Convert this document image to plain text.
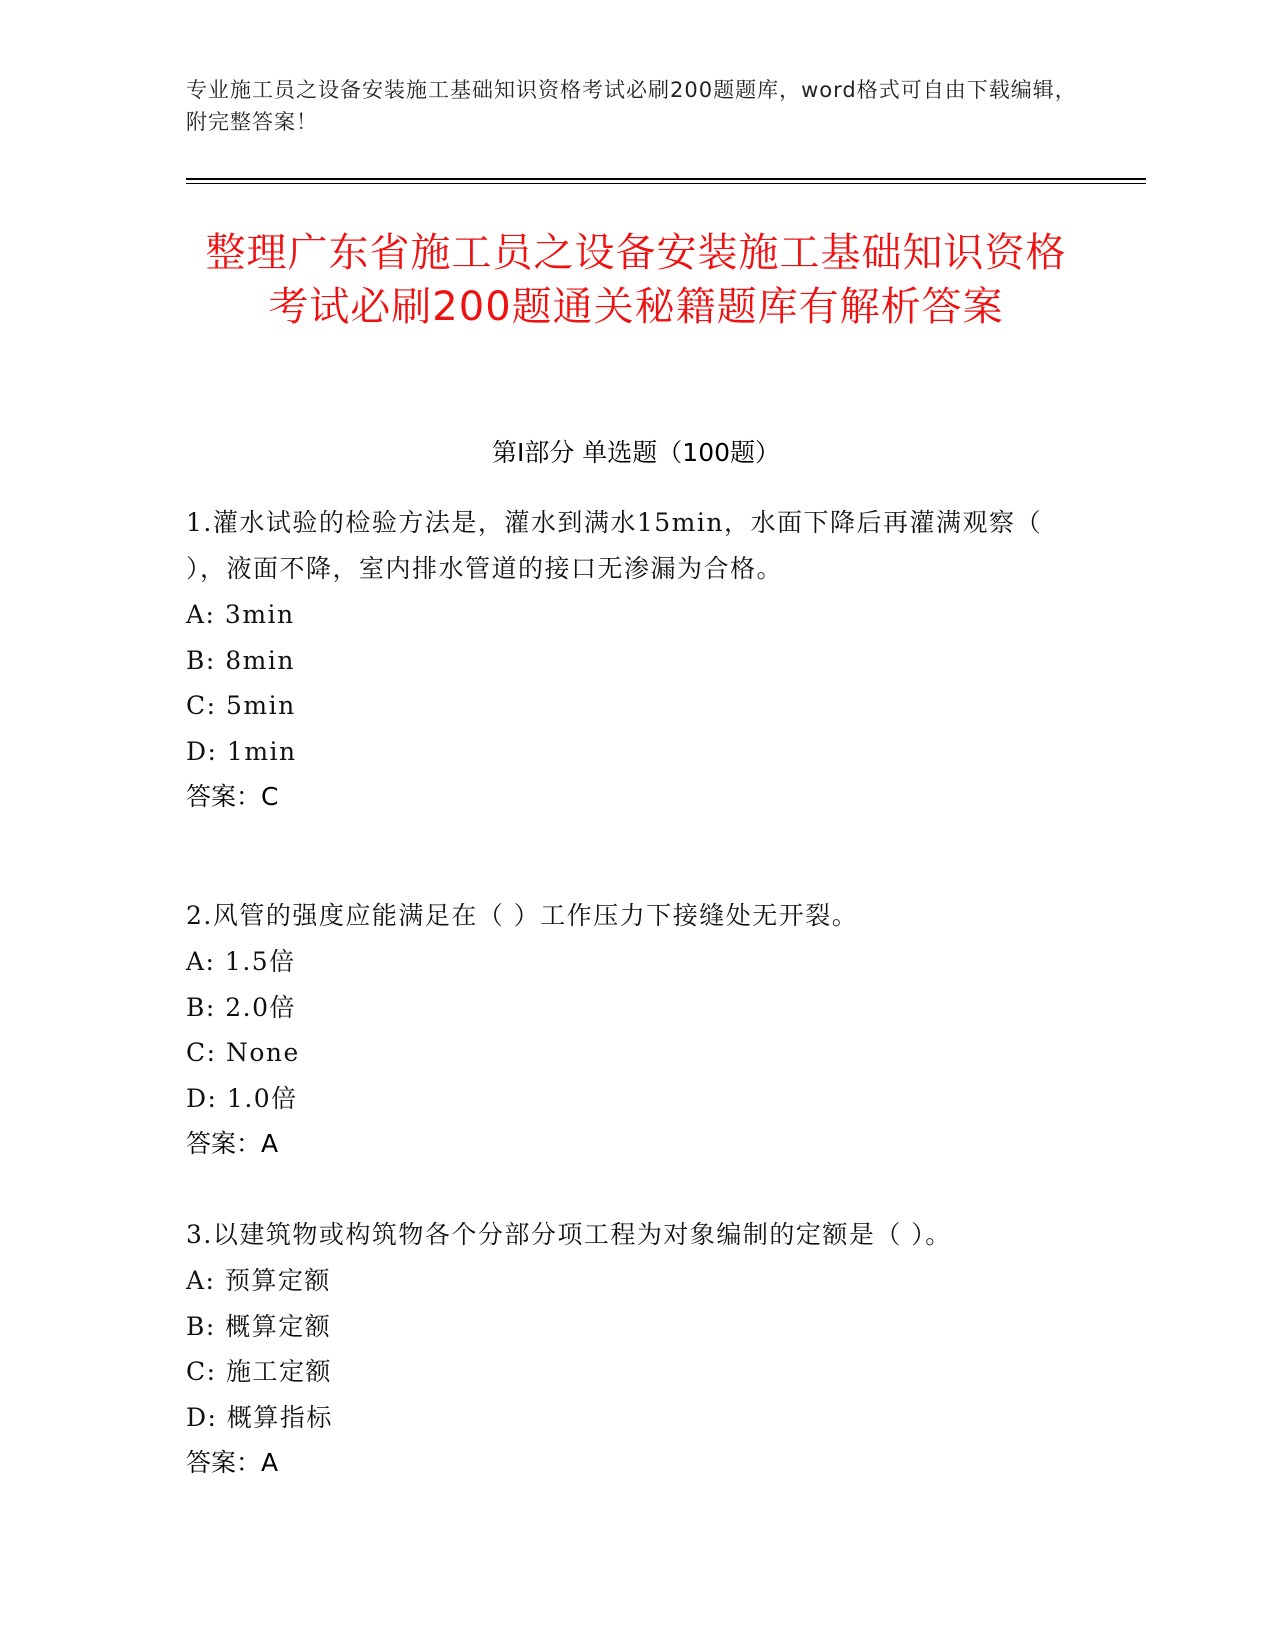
专业施工员之设备安装施工基础知识资格考试必刷200题题库，word格式可自由下载编辑，附完整答案！
整理广东省施工员之设备安装施工基础知识资格考试必刷200题通关秘籍题库有解析答案
第I部分 单选题（100题）

1.灌水试验的检验方法是，灌水到满水15min，水面下降后再灌满观察（ ），液面不降，室内排水管道的接口无渗漏为合格。

A: 3min

B: 8min

C: 5min

D: 1min

答案：C

2.风管的强度应能满足在（ ）工作压力下接缝处无开裂。

A: 1.5倍

B: 2.0倍

C: None

D: 1.0倍

答案：A

3.以建筑物或构筑物各个分部分项工程为对象编制的定额是（ ）。

A: 预算定额

B: 概算定额

C: 施工定额

D: 概算指标

答案：A
